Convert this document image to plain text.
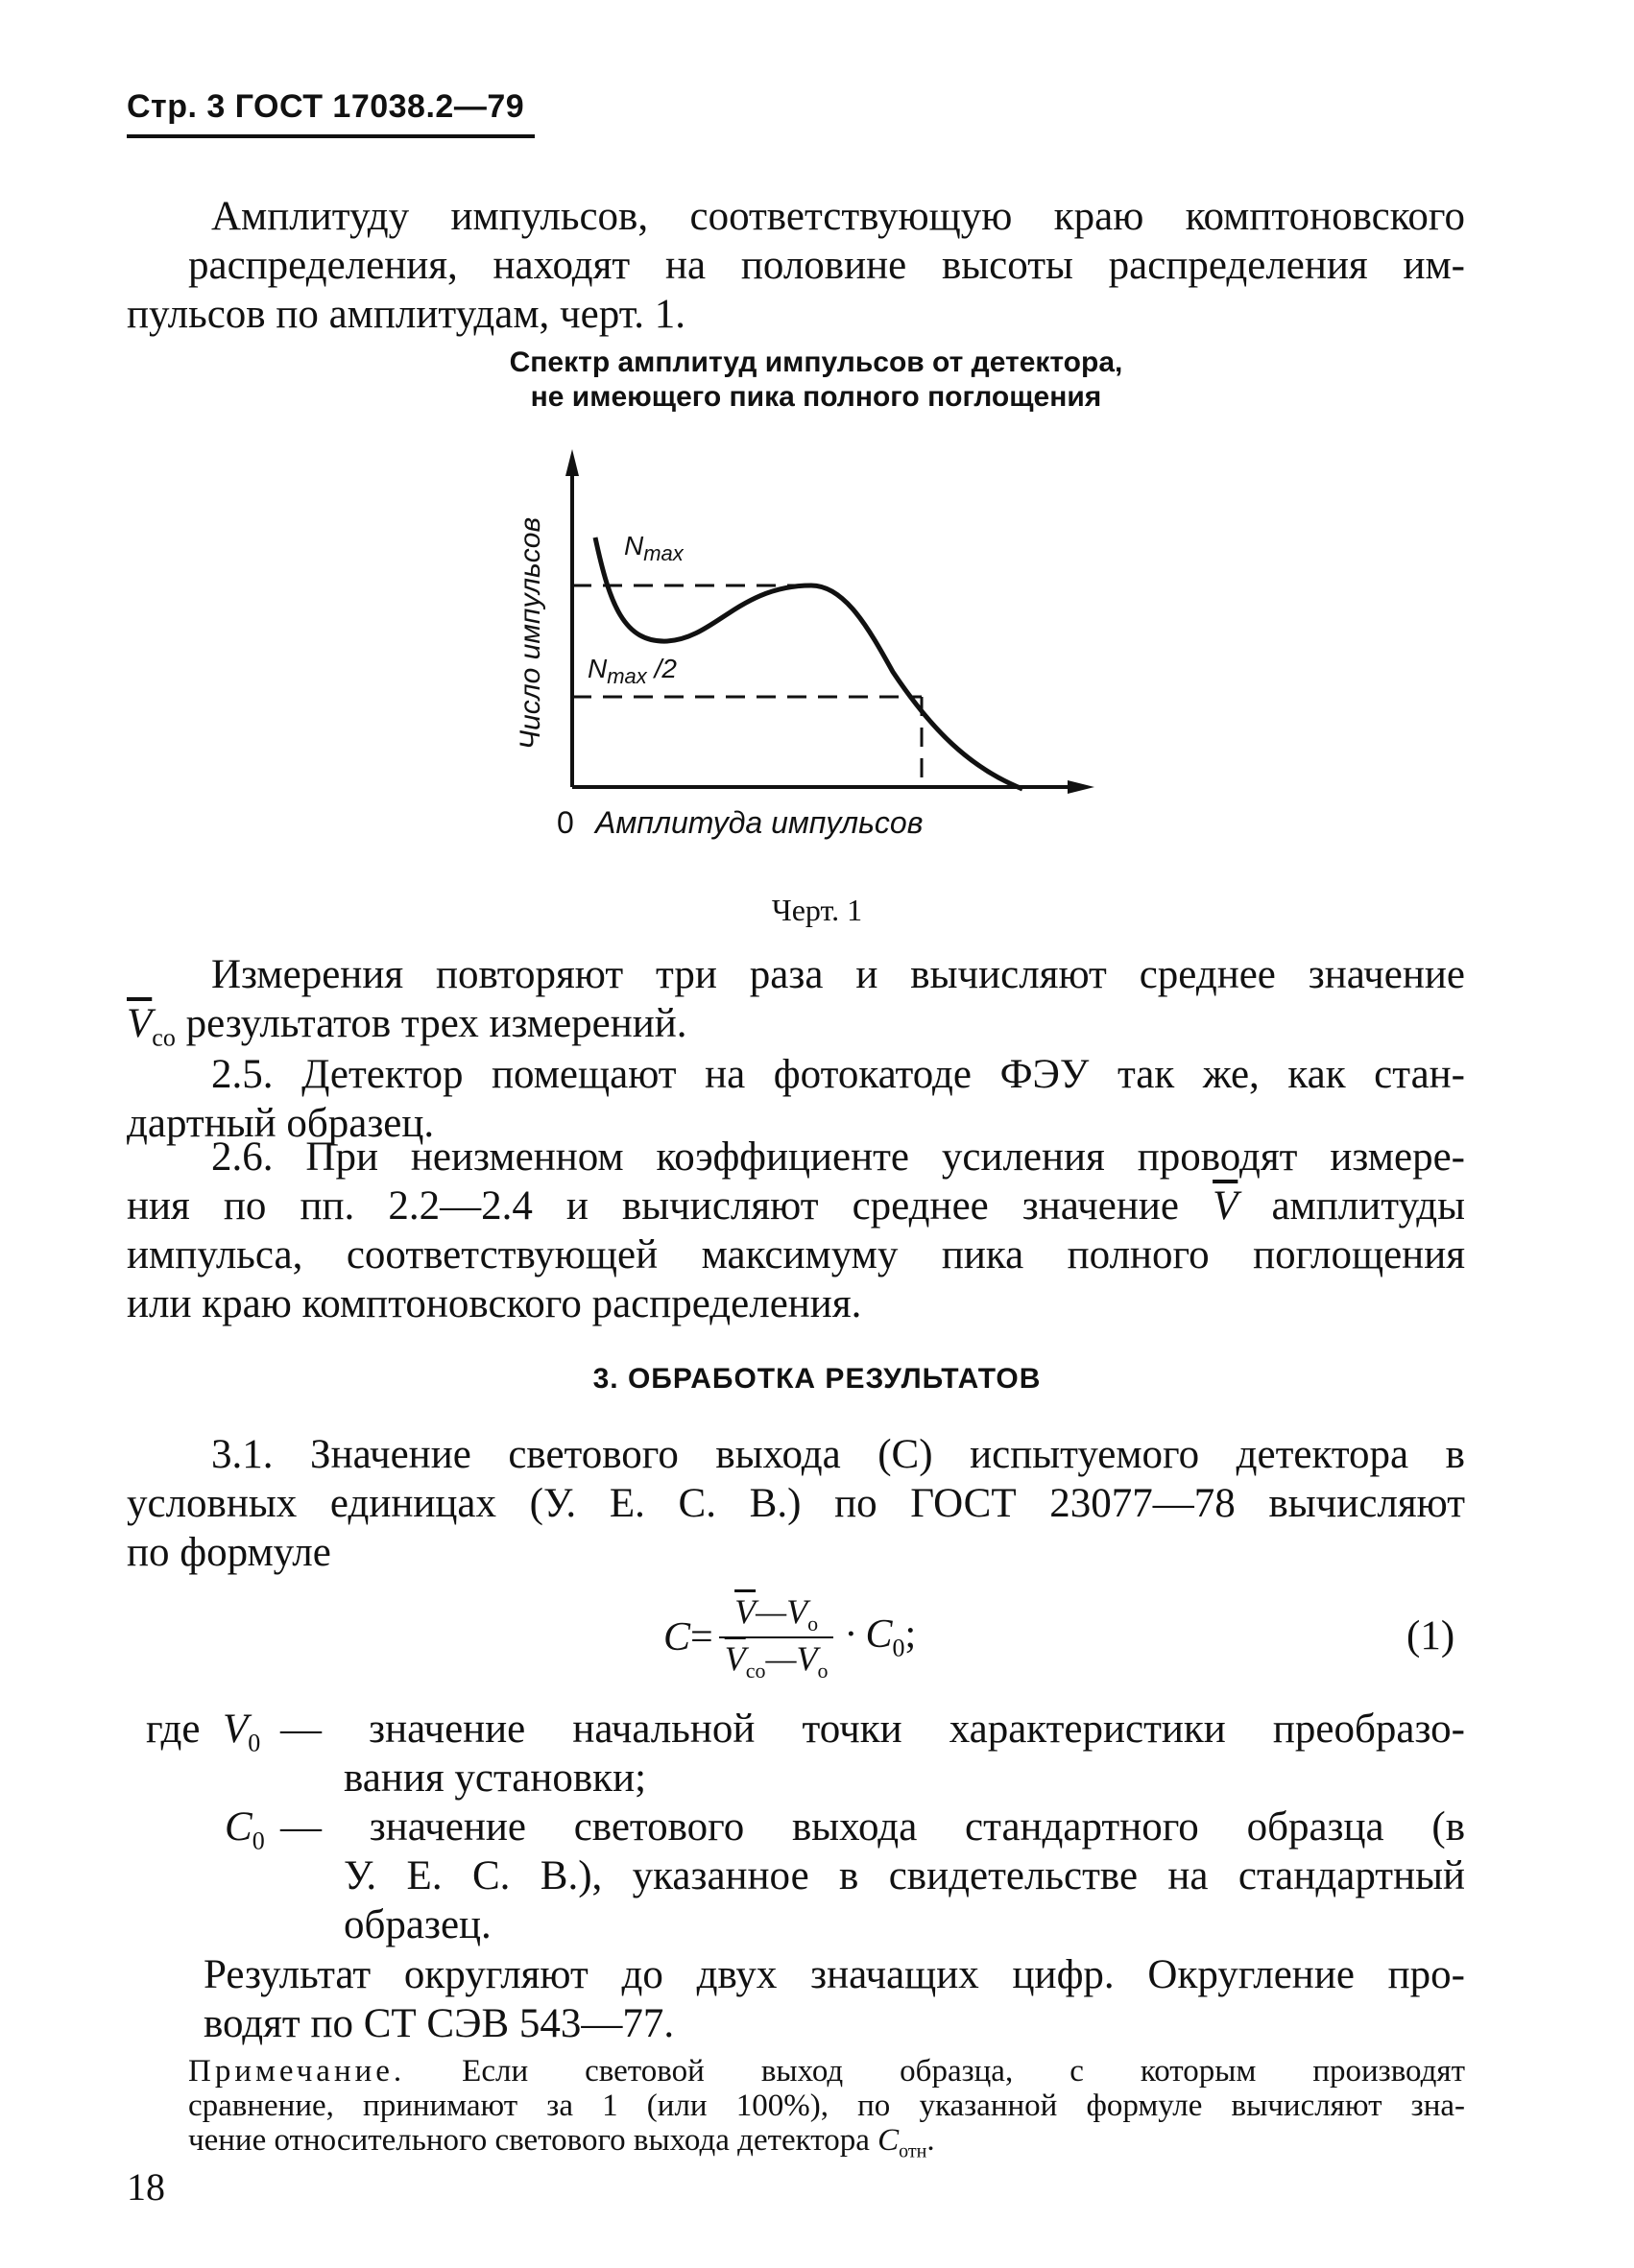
Стр. 3 ГОСТ 17038.2—79
Амплитуду импульсов, соответствующую краю комптоновского
распределения, находят на половине высоты распределения им-
пульсов по амплитудам, черт. 1.
Спектр амплитуд импульсов от детектора,
не имеющего пика полного поглощения
$N_{max}$
$N_{max}$ /2
Число импульсов
0 Амплитуда импульсов
Черт. 1
Измерения повторяют три раза и вычисляют среднее значение
$\overline{V}_{co}$ результатов трех измерений.
2.5. Детектор помещают на фотокатоде ФЭУ так же, как стан-
дартный образец.
2.6. При неизменном коэффициенте усиления проводят измере-
ния по пп. 2.2—2.4 и вычисляют среднее значение $\overline{V}$ амплитуды
импульса, соответствующей максимуму пика полного поглощения
или краю комптоновского распределения.
3. ОБРАБОТКА РЕЗУЛЬТАТОВ
3.1. Значение светового выхода (C) испытуемого детектора в
условных единицах (У. Е. С. В.) по ГОСТ 23077—78 вычисляют
по формуле
C=	$\overline{V}—V_o$	· $C_0$;
$\overline{V}_{co}—V_o$
(1)
где $V_0$ — значение начальной точки характеристики преобразо-
вания установки;
$C_0$ — значение светового выхода стандартного образца (в
У. Е. С. В.), указанное в свидетельстве на стандартный
образец.
Результат округляют до двух значащих цифр. Округление про-
водят по СТ СЭВ 543—77.
Примечание. Если световой выход образца, с которым производят
сравнение, принимают за 1 (или 100%), по указанной формуле вычисляют зна-
чение относительного светового выхода детектора $C_{отн}$.
18
